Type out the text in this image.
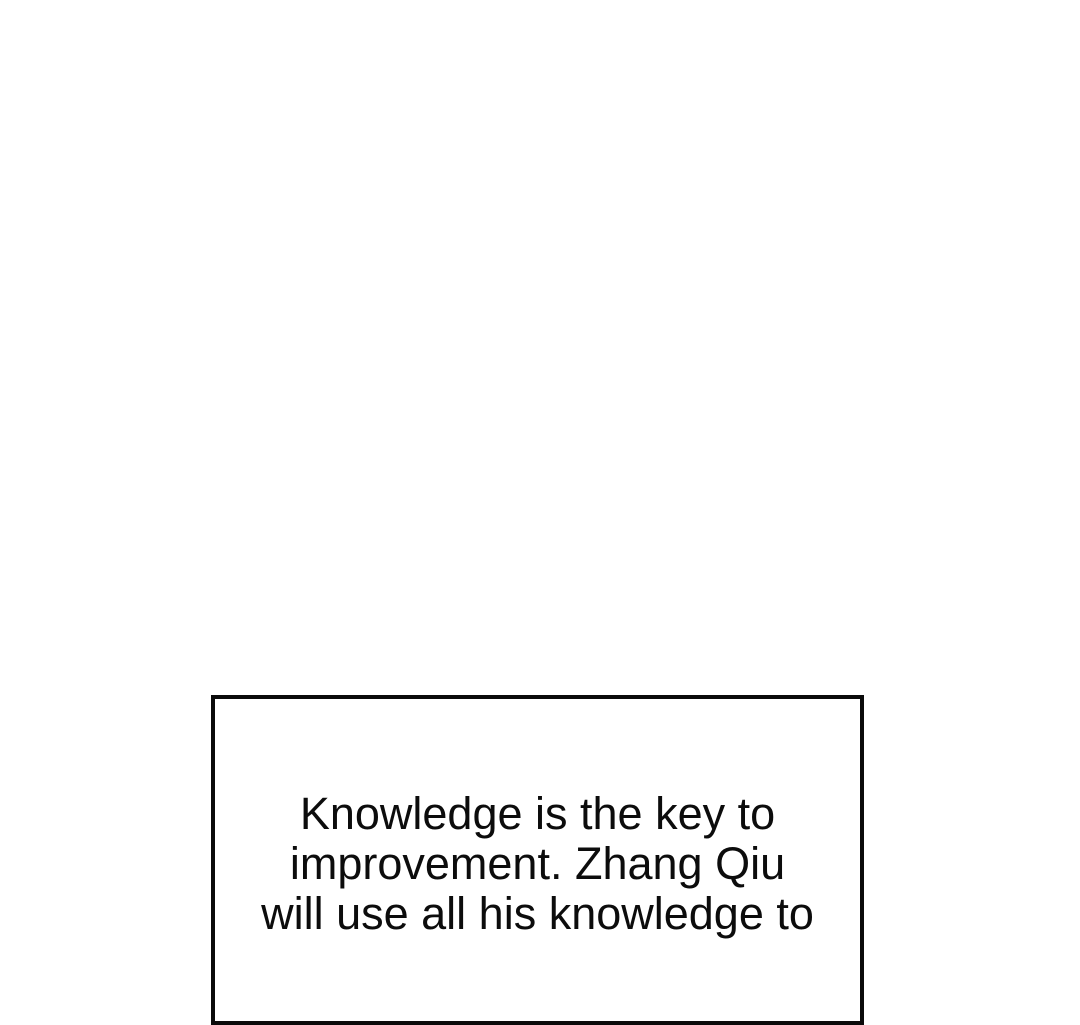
Knowledge is the key to
improvement. Zhang Qiu
will use all his knowledge to
